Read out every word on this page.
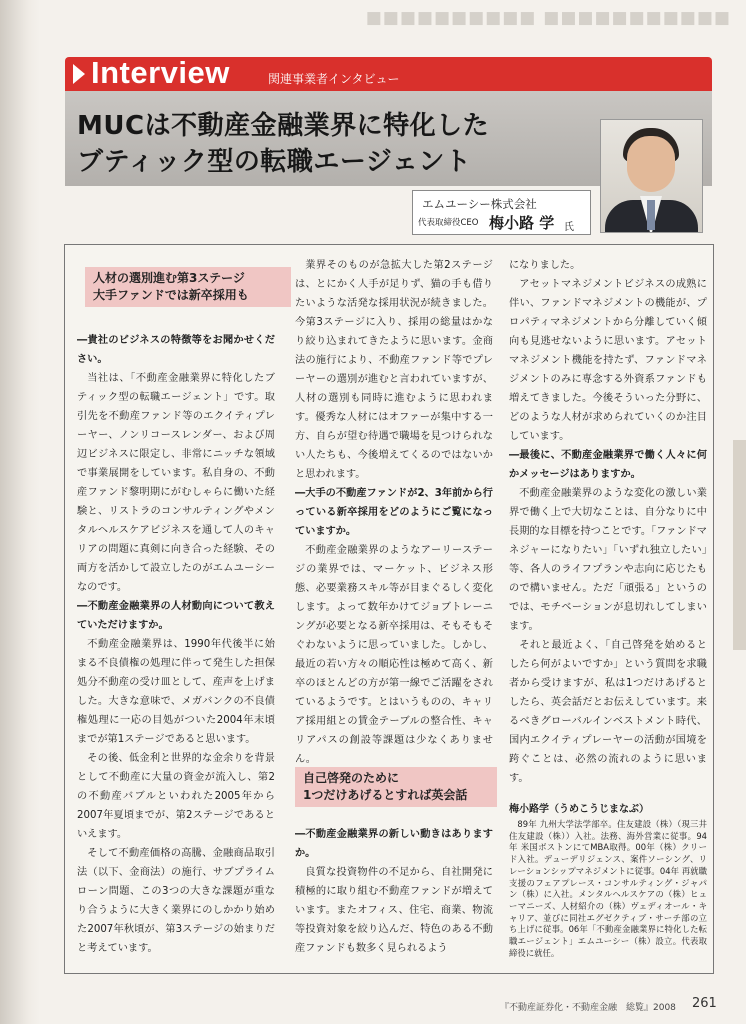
■■■■■■■■■■■ ■■■■■■■■■■
Interview	関連事業者インタビュー
MUCは不動産金融業界に特化した
ブティック型の転職エージェント
エムユーシー株式会社
代表取締役CEO 梅小路 学 氏
人材の選別進む第3ステージ
大手ファンドでは新卒採用も

―貴社のビジネスの特徴等をお聞かせください。

当社は、「不動産金融業界に特化したブティック型の転職エージェント」です。取引先を不動産ファンド等のエクイティプレーヤー、ノンリコースレンダー、および周辺ビジネスに限定し、非常にニッチな領域で事業展開をしています。私自身の、不動産ファンド黎明期にがむしゃらに働いた経験と、リストラのコンサルティングやメンタルヘルスケアビジネスを通して人のキャリアの問題に真剣に向き合った経験、その両方を活かして設立したのがエムユーシーなのです。

―不動産金融業界の人材動向について教えていただけますか。

不動産金融業界は、1990年代後半に始まる不良債権の処理に伴って発生した担保処分不動産の受け皿として、産声を上げました。大きな意味で、メガバンクの不良債権処理に一応の目処がついた2004年末頃までが第1ステージであると思います。

その後、低金利と世界的な金余りを背景として不動産に大量の資金が流入し、第2の不動産バブルといわれた2005年から2007年夏頃までが、第2ステージであるといえます。

そして不動産価格の高騰、金融商品取引法（以下、金商法）の施行、サブプライムローン問題、この3つの大きな課題が重なり合うように大きく業界にのしかかり始めた2007年秋頃が、第3ステージの始まりだと考えています。

業界そのものが急拡大した第2ステージは、とにかく人手が足りず、猫の手も借りたいような活発な採用状況が続きました。今第3ステージに入り、採用の総量はかなり絞り込まれてきたように思います。金商法の施行により、不動産ファンド等でプレーヤーの選別が進むと言われていますが、人材の選別も同時に進むように思われます。優秀な人材にはオファーが集中する一方、自らが望む待遇で職場を見つけられない人たちも、今後増えてくるのではないかと思われます。

―大手の不動産ファンドが2、3年前から行っている新卒採用をどのようにご覧になっていますか。

不動産金融業界のようなアーリーステージの業界では、マーケット、ビジネス形態、必要業務スキル等が目まぐるしく変化します。よって数年かけてジョブトレーニングが必要となる新卒採用は、そもそもそぐわないように思っていました。しかし、最近の若い方々の順応性は極めて高く、新卒のほとんどの方が第一線でご活躍をされているようです。とはいうものの、キャリア採用組との賃金テーブルの整合性、キャリアパスの創設等課題は少なくありません。

自己啓発のために
1つだけあげるとすれば英会話

―不動産金融業界の新しい動きはありますか。

良質な投資物件の不足から、自社開発に積極的に取り組む不動産ファンドが増えています。またオフィス、住宅、商業、物流等投資対象を絞り込んだ、特色のある不動産ファンドも数多く見られるよう

になりました。

アセットマネジメントビジネスの成熟に伴い、ファンドマネジメントの機能が、プロパティマネジメントから分離していく傾向も見逃せないように思います。アセットマネジメント機能を持たず、ファンドマネジメントのみに専念する外資系ファンドも増えてきました。今後そういった分野に、どのような人材が求められていくのか注目しています。

―最後に、不動産金融業界で働く人々に何かメッセージはありますか。

不動産金融業界のような変化の激しい業界で働く上で大切なことは、自分なりに中長期的な目標を持つことです。「ファンドマネジャーになりたい」「いずれ独立したい」等、各人のライフプランや志向に応じたもので構いません。ただ「頑張る」というのでは、モチベーションが息切れしてしまいます。

それと最近よく、「自己啓発を始めるとしたら何がよいですか」という質問を求職者から受けますが、私は1つだけあげるとしたら、英会話だとお伝えしています。来るべきグローバルインベストメント時代、国内エクイティプレーヤーの活動が国境を跨ぐことは、必然の流れのように思います。

梅小路学（うめこうじまなぶ）

89年 九州大学法学部卒。住友建設（株）（現三井住友建設（株））入社。法務、海外営業に従事。94年 米国ボストンにてMBA取得。00年（株）クリード入社。デューデリジェンス、案件ソーシング、リレーションシップマネジメントに従事。04年 再就職支援のフェアプレース・コンサルティング・ジャパン（株）に入社。メンタルヘルスケアの（株）ヒューマニーズ、人材紹介の（株）ヴェディオール・キャリア、並びに同社エグゼクティブ・サーチ部の立ち上げに従事。06年「不動産金融業界に特化した転職エージェント」エムユーシー（株）設立。代表取締役に就任。

『不動産証券化・不動産金融　総覧』2008 261
